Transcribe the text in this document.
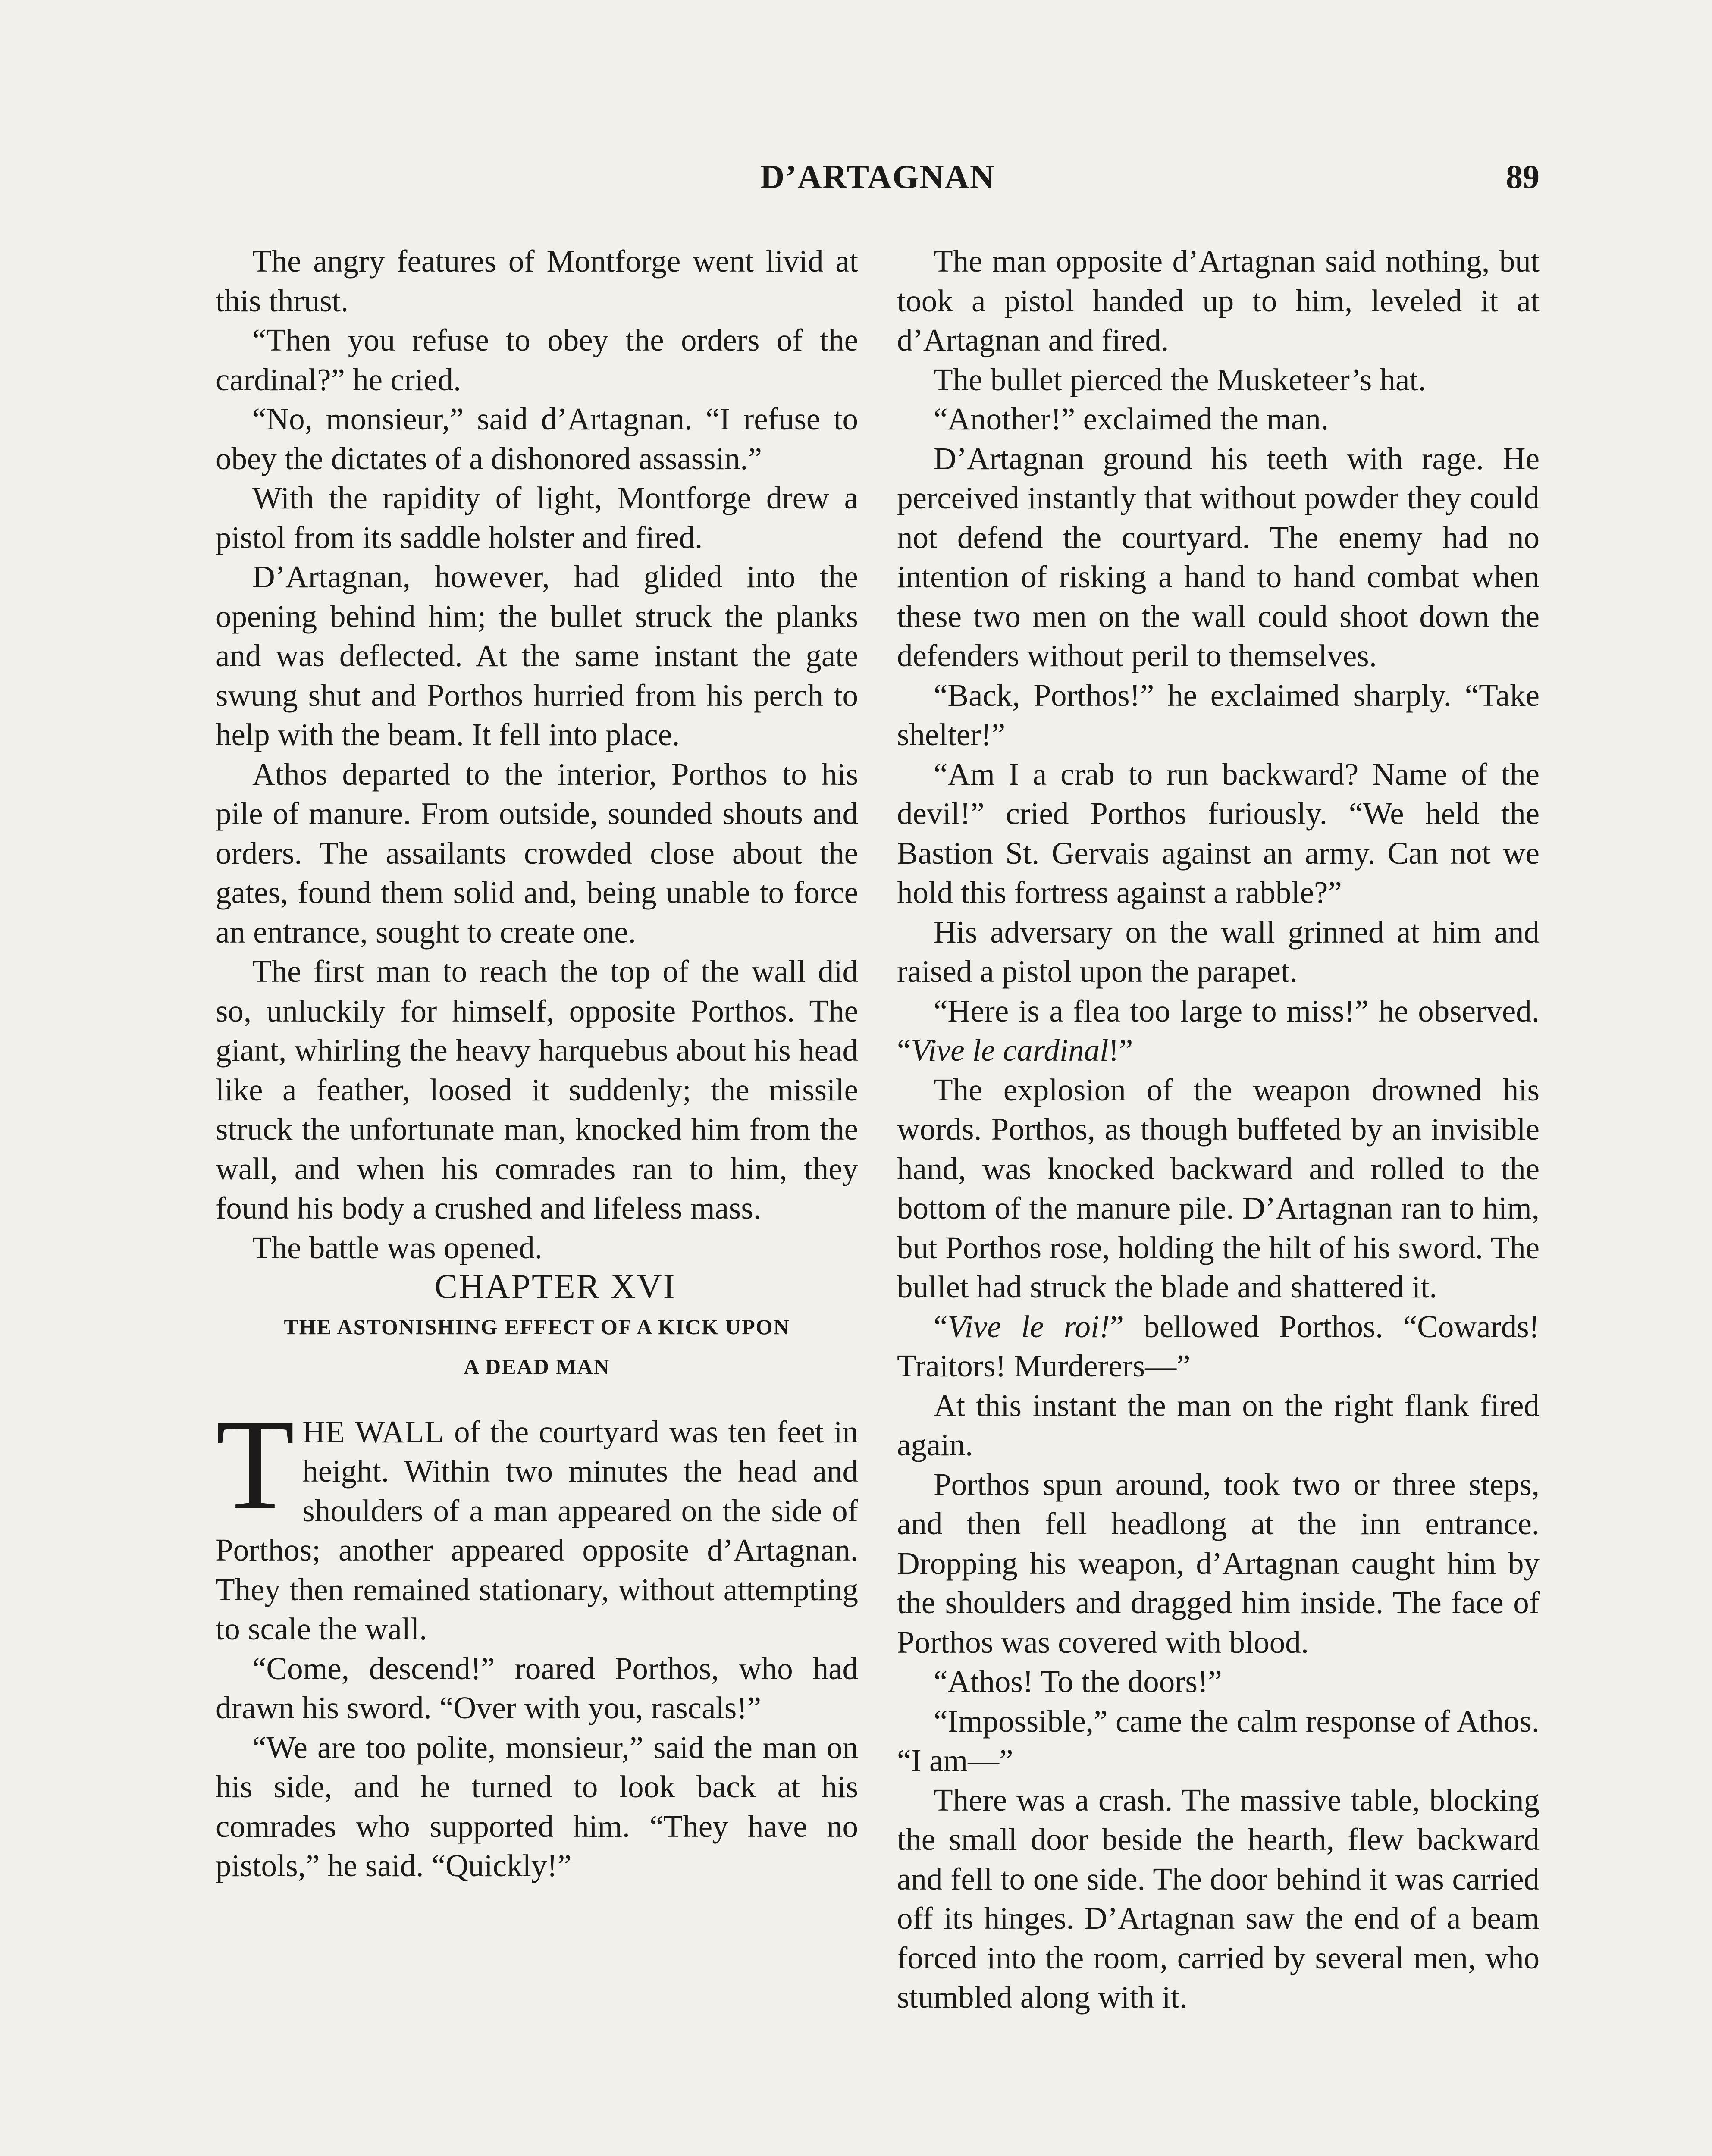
D’ARTAGNAN	89

The angry features of Montforge went livid at this thrust.

“Then you refuse to obey the orders of the cardinal?” he cried.

“No, monsieur,” said d’Artagnan. “I refuse to obey the dictates of a dishonored assassin.”

With the rapidity of light, Montforge drew a pistol from its saddle holster and fired.

D’Artagnan, however, had glided into the opening behind him; the bullet struck the planks and was deflected. At the same instant the gate swung shut and Porthos hurried from his perch to help with the beam. It fell into place.

Athos departed to the interior, Porthos to his pile of manure. From outside, sounded shouts and orders. The assailants crowded close about the gates, found them solid and, being unable to force an entrance, sought to create one.

The first man to reach the top of the wall did so, unluckily for himself, opposite Porthos. The giant, whirling the heavy harquebus about his head like a feather, loosed it suddenly; the missile struck the unfortunate man, knocked him from the wall, and when his comrades ran to him, they found his body a crushed and lifeless mass.

The battle was opened.

CHAPTER XVI

THE ASTONISHING EFFECT OF A KICK UPON
A DEAD MAN

THE WALL of the courtyard was ten feet in height. Within two minutes the head and shoulders of a man appeared on the side of Porthos; another appeared opposite d’Artagnan. They then remained stationary, without attempting to scale the wall.

“Come, descend!” roared Porthos, who had drawn his sword. “Over with you, rascals!”

“We are too polite, monsieur,” said the man on his side, and he turned to look back at his comrades who supported him. “They have no pistols,” he said. “Quickly!”

The man opposite d’Artagnan said nothing, but took a pistol handed up to him, leveled it at d’Artagnan and fired.

The bullet pierced the Musketeer’s hat.

“Another!” exclaimed the man.

D’Artagnan ground his teeth with rage. He perceived instantly that without powder they could not defend the courtyard. The enemy had no intention of risking a hand to hand combat when these two men on the wall could shoot down the defenders without peril to themselves.

“Back, Porthos!” he exclaimed sharply. “Take shelter!”

“Am I a crab to run backward? Name of the devil!” cried Porthos furiously. “We held the Bastion St. Gervais against an army. Can not we hold this fortress against a rabble?”

His adversary on the wall grinned at him and raised a pistol upon the parapet.

“Here is a flea too large to miss!” he observed. “Vive le cardinal!”

The explosion of the weapon drowned his words. Porthos, as though buffeted by an invisible hand, was knocked backward and rolled to the bottom of the manure pile. D’Artagnan ran to him, but Porthos rose, holding the hilt of his sword. The bullet had struck the blade and shattered it.

“Vive le roi!” bellowed Porthos. “Cowards! Traitors! Murderers—”

At this instant the man on the right flank fired again.

Porthos spun around, took two or three steps, and then fell headlong at the inn entrance. Dropping his weapon, d’Artagnan caught him by the shoulders and dragged him inside. The face of Porthos was covered with blood.

“Athos! To the doors!”

“Impossible,” came the calm response of Athos. “I am—”

There was a crash. The massive table, blocking the small door beside the hearth, flew backward and fell to one side. The door behind it was carried off its hinges. D’Artagnan saw the end of a beam forced into the room, carried by several men, who stumbled along with it.
